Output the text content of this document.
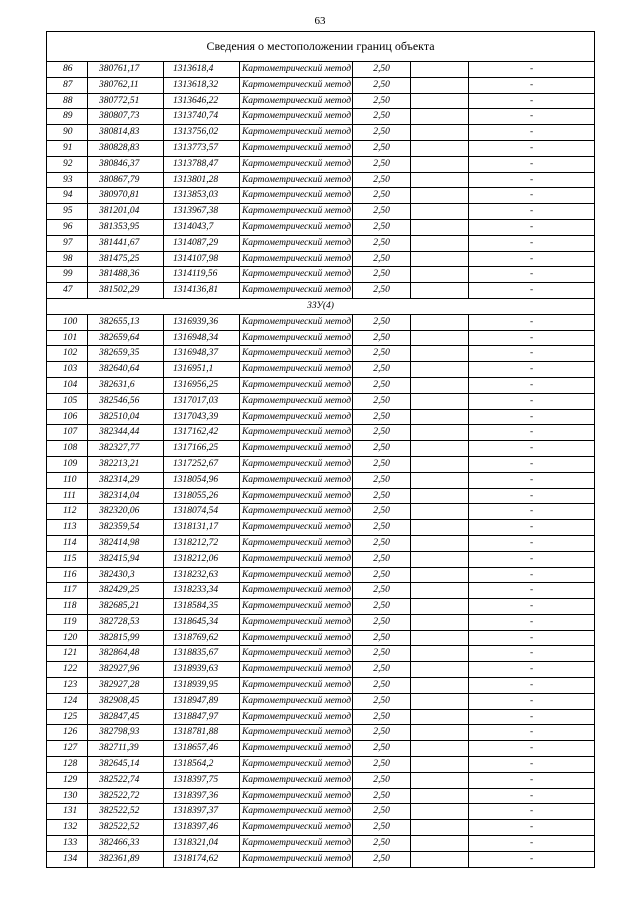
63
Сведения о местоположении границ объекта						
86	380761,17	1313618,4	Картометрический метод	2,50		-
87	380762,11	1313618,32	Картометрический метод	2,50		-
88	380772,51	1313646,22	Картометрический метод	2,50		-
89	380807,73	1313740,74	Картометрический метод	2,50		-
90	380814,83	1313756,02	Картометрический метод	2,50		-
91	380828,83	1313773,57	Картометрический метод	2,50		-
92	380846,37	1313788,47	Картометрический метод	2,50		-
93	380867,79	1313801,28	Картометрический метод	2,50		-
94	380970,81	1313853,03	Картометрический метод	2,50		-
95	381201,04	1313967,38	Картометрический метод	2,50		-
96	381353,95	1314043,7	Картометрический метод	2,50		-
97	381441,67	1314087,29	Картометрический метод	2,50		-
98	381475,25	1314107,98	Картометрический метод	2,50		-
99	381488,36	1314119,56	Картометрический метод	2,50		-
47	381502,29	1314136,81	Картометрический метод	2,50		-
3ЗУ(4)						
100	382655,13	1316939,36	Картометрический метод	2,50		-
101	382659,64	1316948,34	Картометрический метод	2,50		-
102	382659,35	1316948,37	Картометрический метод	2,50		-
103	382640,64	1316951,1	Картометрический метод	2,50		-
104	382631,6	1316956,25	Картометрический метод	2,50		-
105	382546,56	1317017,03	Картометрический метод	2,50		-
106	382510,04	1317043,39	Картометрический метод	2,50		-
107	382344,44	1317162,42	Картометрический метод	2,50		-
108	382327,77	1317166,25	Картометрический метод	2,50		-
109	382213,21	1317252,67	Картометрический метод	2,50		-
110	382314,29	1318054,96	Картометрический метод	2,50		-
111	382314,04	1318055,26	Картометрический метод	2,50		-
112	382320,06	1318074,54	Картометрический метод	2,50		-
113	382359,54	1318131,17	Картометрический метод	2,50		-
114	382414,98	1318212,72	Картометрический метод	2,50		-
115	382415,94	1318212,06	Картометрический метод	2,50		-
116	382430,3	1318232,63	Картометрический метод	2,50		-
117	382429,25	1318233,34	Картометрический метод	2,50		-
118	382685,21	1318584,35	Картометрический метод	2,50		-
119	382728,53	1318645,34	Картометрический метод	2,50		-
120	382815,99	1318769,62	Картометрический метод	2,50		-
121	382864,48	1318835,67	Картометрический метод	2,50		-
122	382927,96	1318939,63	Картометрический метод	2,50		-
123	382927,28	1318939,95	Картометрический метод	2,50		-
124	382908,45	1318947,89	Картометрический метод	2,50		-
125	382847,45	1318847,97	Картометрический метод	2,50		-
126	382798,93	1318781,88	Картометрический метод	2,50		-
127	382711,39	1318657,46	Картометрический метод	2,50		-
128	382645,14	1318564,2	Картометрический метод	2,50		-
129	382522,74	1318397,75	Картометрический метод	2,50		-
130	382522,72	1318397,36	Картометрический метод	2,50		-
131	382522,52	1318397,37	Картометрический метод	2,50		-
132	382522,52	1318397,46	Картометрический метод	2,50		-
133	382466,33	1318321,04	Картометрический метод	2,50		-
134	382361,89	1318174,62	Картометрический метод	2,50		-
